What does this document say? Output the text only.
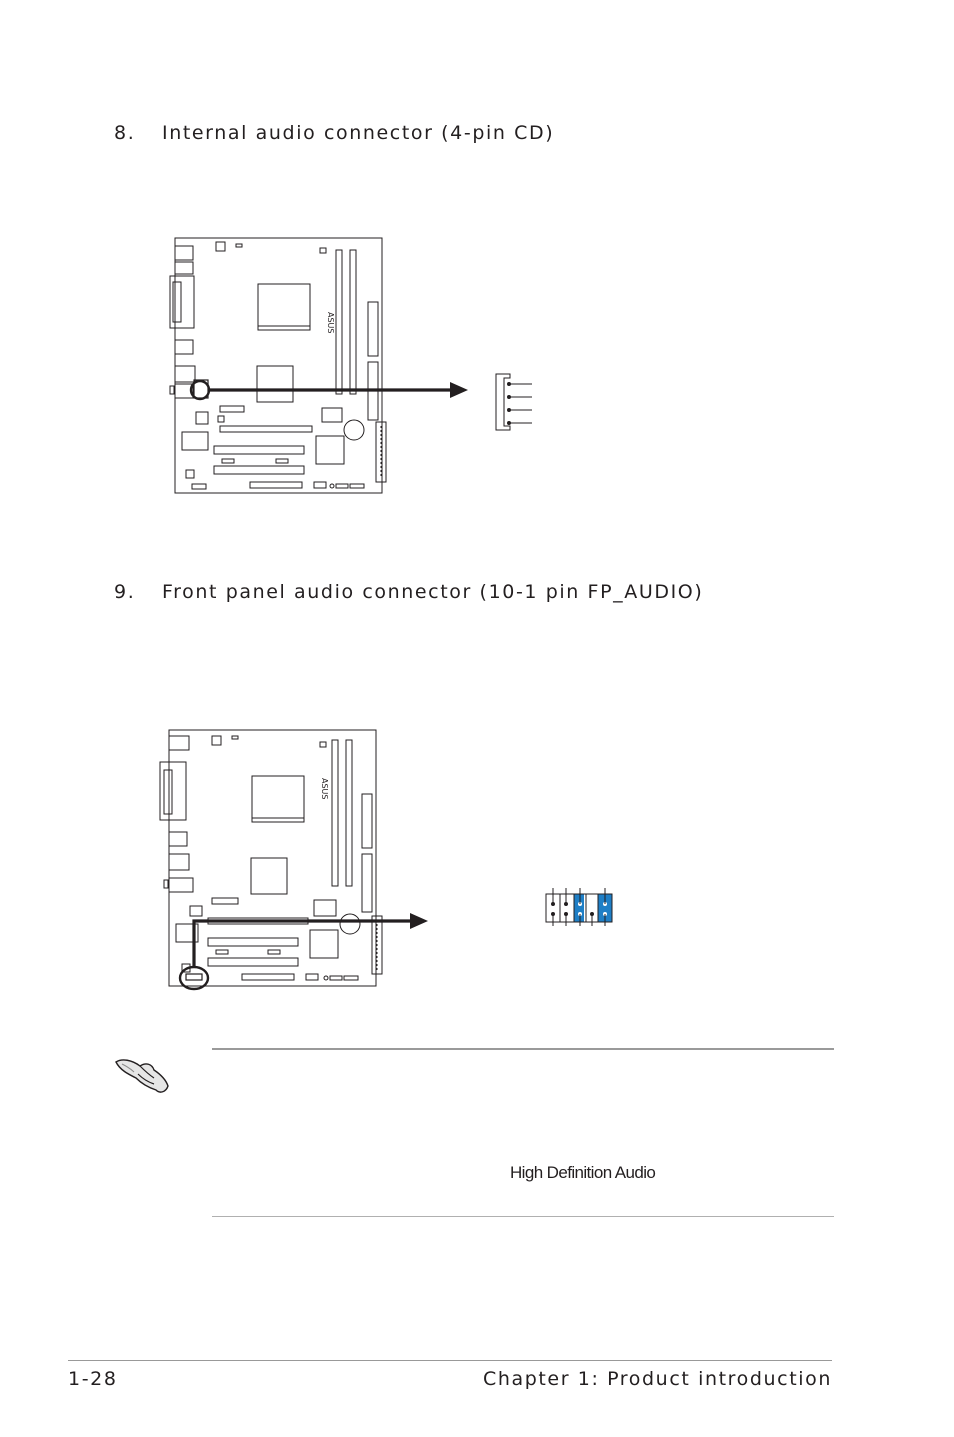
8. Internal audio connector (4-pin CD)
ASUS
9. Front panel audio connector (10-1 pin FP_AUDIO)
ASUS
High Definition Audio
1-28	Chapter 1: Product introduction
